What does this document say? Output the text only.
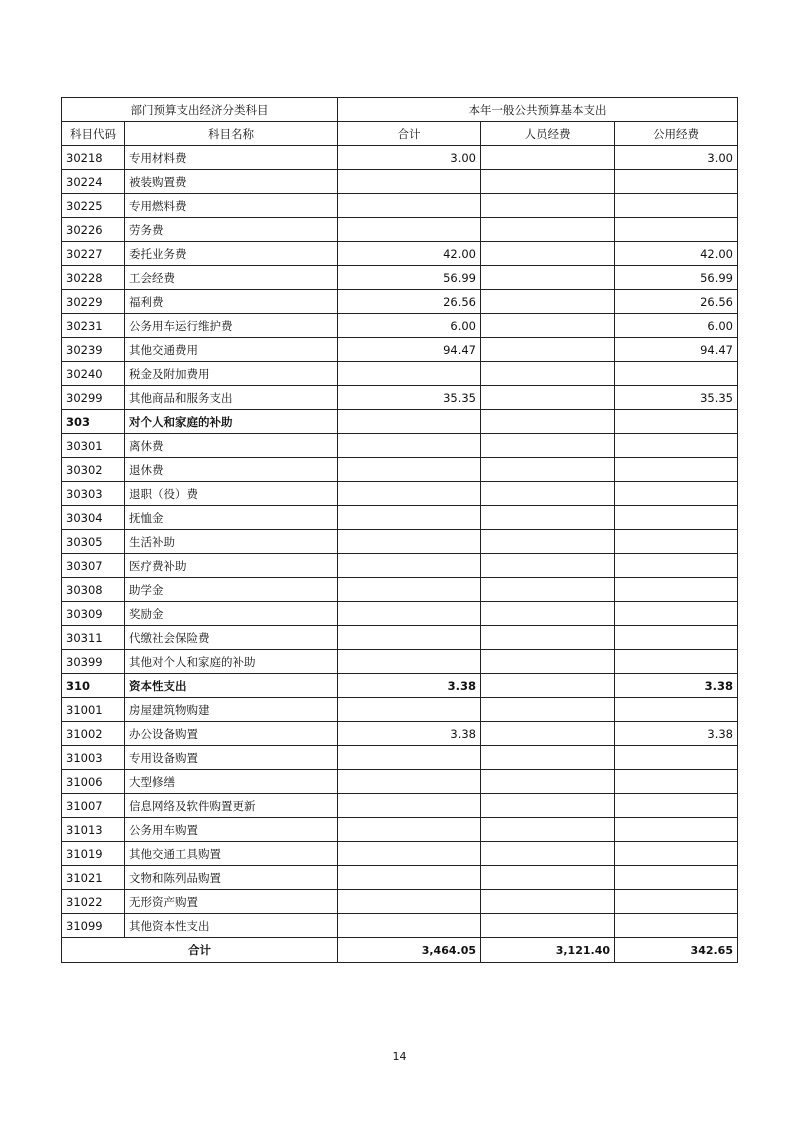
部门预算支出经济分类科目		本年一般公共预算基本支出		
科目代码	科目名称	合计	人员经费	公用经费
30218	专用材料费	3.00		3.00
30224	被装购置费			
30225	专用燃料费			
30226	劳务费			
30227	委托业务费	42.00		42.00
30228	工会经费	56.99		56.99
30229	福利费	26.56		26.56
30231	公务用车运行维护费	6.00		6.00
30239	其他交通费用	94.47		94.47
30240	税金及附加费用			
30299	其他商品和服务支出	35.35		35.35
303	对个人和家庭的补助			
30301	离休费			
30302	退休费			
30303	退职（役）费			
30304	抚恤金			
30305	生活补助			
30307	医疗费补助			
30308	助学金			
30309	奖励金			
30311	代缴社会保险费			
30399	其他对个人和家庭的补助			
310	资本性支出	3.38		3.38
31001	房屋建筑物购建			
31002	办公设备购置	3.38		3.38
31003	专用设备购置			
31006	大型修缮			
31007	信息网络及软件购置更新			
31013	公务用车购置			
31019	其他交通工具购置			
31021	文物和陈列品购置			
31022	无形资产购置			
31099	其他资本性支出			
合计		3,464.05	3,121.40	342.65
14
